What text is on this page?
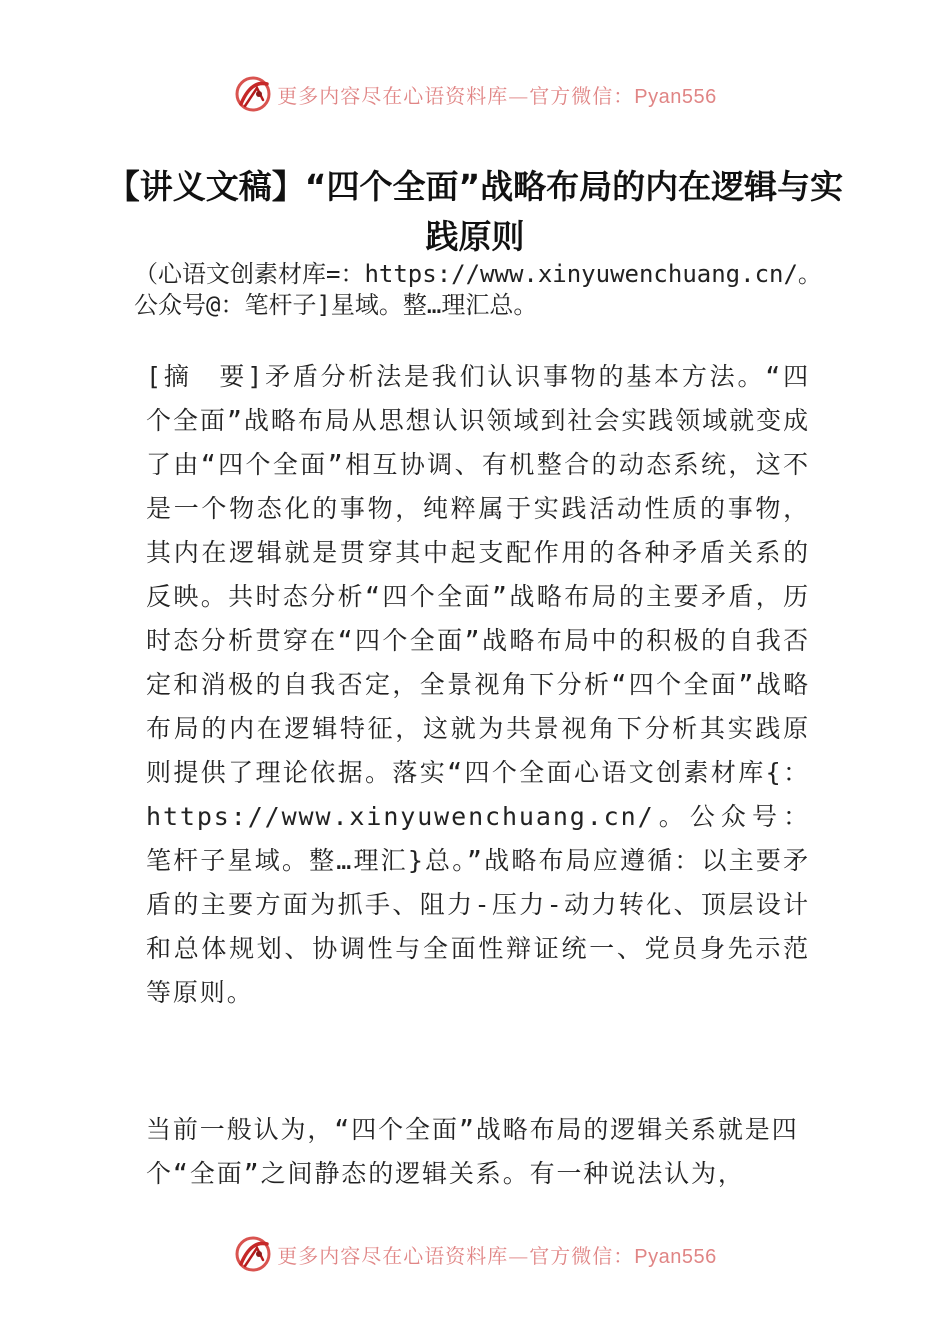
更多内容尽在心语资料库—官方微信：Pyan556
【讲义文稿】“四个全面”战略布局的内在逻辑与实践原则
（心语文创素材库=：https://www.xinyuwenchuang.cn/。公众号@：笔杆子]星域。整…理汇总。
[摘　要]矛盾分析法是我们认识事物的基本方法。“四个全面”战略布局从思想认识领域到社会实践领域就变成了由“四个全面”相互协调、有机整合的动态系统，这不是一个物态化的事物，纯粹属于实践活动性质的事物，其内在逻辑就是贯穿其中起支配作用的各种矛盾关系的反映。共时态分析“四个全面”战略布局的主要矛盾，历时态分析贯穿在“四个全面”战略布局中的积极的自我否定和消极的自我否定，全景视角下分析“四个全面”战略布局的内在逻辑特征，这就为共景视角下分析其实践原则提供了理论依据。落实“四个全面心语文创素材库{：https://www.xinyuwenchuang.cn/。公众号：笔杆子星域。整…理汇}总。”战略布局应遵循：以主要矛盾的主要方面为抓手、阻力-压力-动力转化、顶层设计和总体规划、协调性与全面性辩证统一、党员身先示范等原则。
当前一般认为，“四个全面”战略布局的逻辑关系就是四个“全面”之间静态的逻辑关系。有一种说法认为，
更多内容尽在心语资料库—官方微信：Pyan556
